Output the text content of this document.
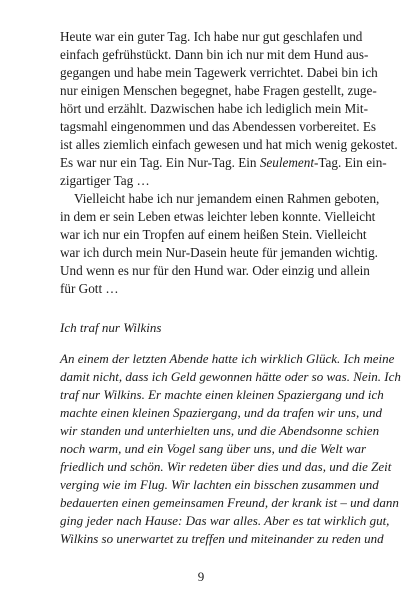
Heute war ein guter Tag. Ich habe nur gut geschlafen und
einfach gefrühstückt. Dann bin ich nur mit dem Hund aus-
gegangen und habe mein Tagewerk verrichtet. Dabei bin ich
nur einigen Menschen begegnet, habe Fragen gestellt, zuge-
hört und erzählt. Dazwischen habe ich lediglich mein Mit-
tagsmahl eingenommen und das Abendessen vorbereitet. Es
ist alles ziemlich einfach gewesen und hat mich wenig gekostet.
Es war nur ein Tag. Ein Nur-Tag. Ein Seulement-Tag. Ein ein-
zigartiger Tag …

Vielleicht habe ich nur jemandem einen Rahmen geboten,
in dem er sein Leben etwas leichter leben konnte. Vielleicht
war ich nur ein Tropfen auf einem heißen Stein. Vielleicht
war ich durch mein Nur-Dasein heute für jemanden wichtig.
Und wenn es nur für den Hund war. Oder einzig und allein
für Gott …

Ich traf nur Wilkins

An einem der letzten Abende hatte ich wirklich Glück. Ich meine
damit nicht, dass ich Geld gewonnen hätte oder so was. Nein. Ich
traf nur Wilkins. Er machte einen kleinen Spaziergang und ich
machte einen kleinen Spaziergang, und da trafen wir uns, und
wir standen und unterhielten uns, und die Abendsonne schien
noch warm, und ein Vogel sang über uns, und die Welt war
friedlich und schön. Wir redeten über dies und das, und die Zeit
verging wie im Flug. Wir lachten ein bisschen zusammen und
bedauerten einen gemeinsamen Freund, der krank ist – und dann
ging jeder nach Hause: Das war alles. Aber es tat wirklich gut,
Wilkins so unerwartet zu treffen und miteinander zu reden und

9
